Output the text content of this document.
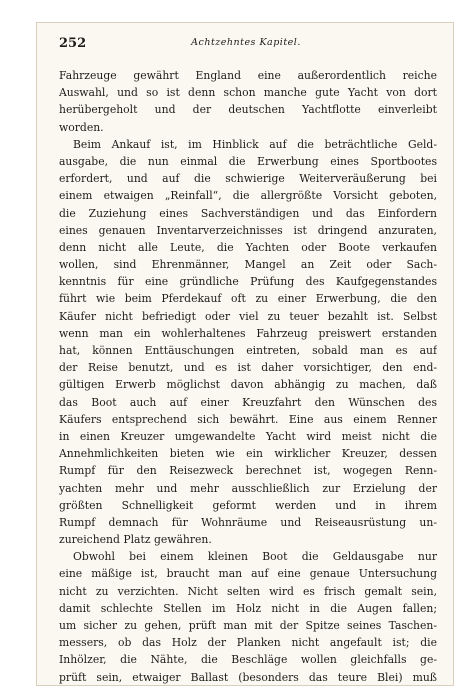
252	Achtzehntes Kapitel.
Fahrzeuge gewährt England eine außerordentlich reiche
Auswahl, und so ist denn schon manche gute Yacht von dort
herübergeholt und der deutschen Yachtflotte einverleibt
worden.
Beim Ankauf ist, im Hinblick auf die beträchtliche Geld-
ausgabe, die nun einmal die Erwerbung eines Sportbootes
erfordert, und auf die schwierige Weiterveräußerung bei
einem etwaigen „Reinfall“, die allergrößte Vorsicht geboten,
die Zuziehung eines Sachverständigen und das Einfordern
eines genauen Inventarverzeichnisses ist dringend anzuraten,
denn nicht alle Leute, die Yachten oder Boote verkaufen
wollen, sind Ehrenmänner, Mangel an Zeit oder Sach-
kenntnis für eine gründliche Prüfung des Kaufgegenstandes
führt wie beim Pferdekauf oft zu einer Erwerbung, die den
Käufer nicht befriedigt oder viel zu teuer bezahlt ist. Selbst
wenn man ein wohlerhaltenes Fahrzeug preiswert erstanden
hat, können Enttäuschungen eintreten, sobald man es auf
der Reise benutzt, und es ist daher vorsichtiger, den end-
gültigen Erwerb möglichst davon abhängig zu machen, daß
das Boot auch auf einer Kreuzfahrt den Wünschen des
Käufers entsprechend sich bewährt. Eine aus einem Renner
in einen Kreuzer umgewandelte Yacht wird meist nicht die
Annehmlichkeiten bieten wie ein wirklicher Kreuzer, dessen
Rumpf für den Reisezweck berechnet ist, wogegen Renn-
yachten mehr und mehr ausschließlich zur Erzielung der
größten Schnelligkeit geformt werden und in ihrem
Rumpf demnach für Wohnräume und Reiseausrüstung un-
zureichend Platz gewähren.
Obwohl bei einem kleinen Boot die Geldausgabe nur
eine mäßige ist, braucht man auf eine genaue Untersuchung
nicht zu verzichten. Nicht selten wird es frisch gemalt sein,
damit schlechte Stellen im Holz nicht in die Augen fallen;
um sicher zu gehen, prüft man mit der Spitze seines Taschen-
messers, ob das Holz der Planken nicht angefault ist; die
Inhölzer, die Nähte, die Beschläge wollen gleichfalls ge-
prüft sein, etwaiger Ballast (besonders das teure Blei) muß
